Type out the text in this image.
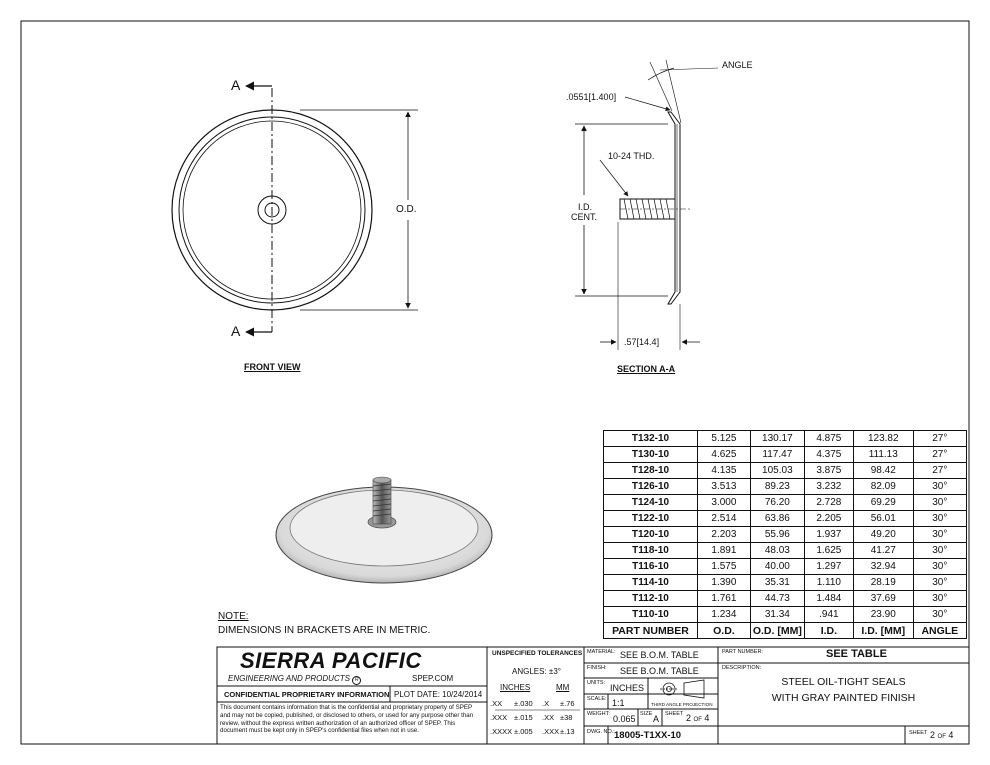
A
A
O.D.
FRONT VIEW
ANGLE
.0551[1.400]
10-24 THD.
I.D.
CENT.
.57[14.4]
SECTION A-A
NOTE:
DIMENSIONS IN BRACKETS ARE IN METRIC.
T132-10	5.125	130.17	4.875	123.82	27°
T130-10	4.625	117.47	4.375	111.13	27°
T128-10	4.135	105.03	3.875	98.42	27°
T126-10	3.513	89.23	3.232	82.09	30°
T124-10	3.000	76.20	2.728	69.29	30°
T122-10	2.514	63.86	2.205	56.01	30°
T120-10	2.203	55.96	1.937	49.20	30°
T118-10	1.891	48.03	1.625	41.27	30°
T116-10	1.575	40.00	1.297	32.94	30°
T114-10	1.390	35.31	1.110	28.19	30°
T112-10	1.761	44.73	1.484	37.69	30°
T110-10	1.234	31.34	.941	23.90	30°
PART NUMBER	O.D.	O.D. [MM]	I.D.	I.D. [MM]	ANGLE
SIERRA PACIFIC
ENGINEERING AND PRODUCTS R	SPEP.COM
CONFIDENTIAL PROPRIETARY INFORMATION PLOT DATE: 10/24/2014
This document contains information that is the confidential and proprietary property of SPEP and may not be copied, published, or disclosed to others, or used for any purpose other than review, without the express written authorization of an authorized officer of SPEP. This document must be kept only in SPEP's confidential files when not in use.
UNSPECIFIED TOLERANCES
ANGLES: ±3°
INCHES	MM
.XX	±.030	.X	±.76
.XXX ±.015	.XX ±38
.XXXX ±.005	.XXX ±.13
MATERIAL: SEE B.O.M. TABLE
FINISH: SEE B.O.M. TABLE
UNITS: INCHES
SCALE: 1:1	THIRD ANGLE PROJECTION
WEIGHT: 0.065 SIZE A SHEET 2 OF 4
DWG. NO.: 18005-T1XX-10
PART NUMBER:	SEE TABLE
DESCRIPTION:
STEEL OIL-TIGHT SEALS
WITH GRAY PAINTED FINISH
SHEET 2 OF 4
